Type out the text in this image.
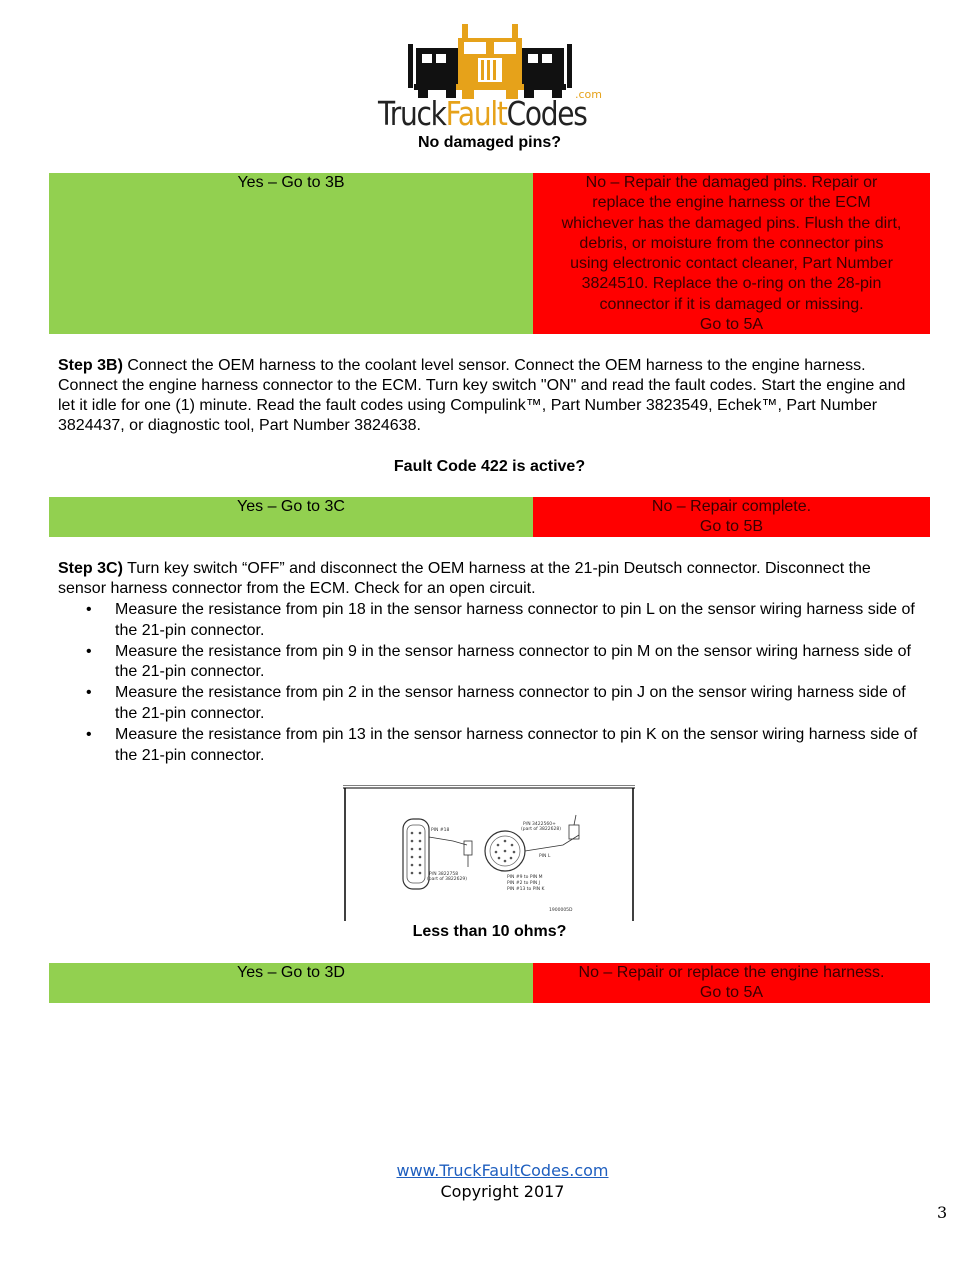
.com
TruckFaultCodes
No damaged pins?
Yes – Go to 3B	No – Repair the damaged pins. Repair or
replace the engine harness or the ECM
whichever has the damaged pins. Flush the dirt,
debris, or moisture from the connector pins
using electronic contact cleaner, Part Number
3824510. Replace the o-ring on the 28-pin
connector if it is damaged or missing.
Go to 5A
Step 3B) Connect the OEM harness to the coolant level sensor. Connect the OEM harness to the engine harness. Connect the engine harness connector to the ECM. Turn key switch "ON" and read the fault codes. Start the engine and let it idle for one (1) minute. Read the fault codes using Compulink™, Part Number 3823549, Echek™, Part Number 3824437, or diagnostic tool, Part Number 3824638.
Fault Code 422 is active?
Yes – Go to 3C	No – Repair complete.
Go to 5B
Step 3C) Turn key switch “OFF” and disconnect the OEM harness at the 21-pin Deutsch connector. Disconnect the sensor harness connector from the ECM. Check for an open circuit.
• Measure the resistance from pin 18 in the sensor harness connector to pin L on the sensor wiring harness side of the 21-pin connector.
• Measure the resistance from pin 9 in the sensor harness connector to pin M on the sensor wiring harness side of the 21-pin connector.
• Measure the resistance from pin 2 in the sensor harness connector to pin J on the sensor wiring harness side of the 21-pin connector.
• Measure the resistance from pin 13 in the sensor harness connector to pin K on the sensor wiring harness side of the 21-pin connector.
PIN #18
P/N 3822758
(part of 3822629)
P/N 3422560+
(part of 3822628)
PIN L
PIN #9 to PIN M
PIN #2 to PIN J
PIN #13 to PIN K
1900005D
Less than 10 ohms?
Yes – Go to 3D	No – Repair or replace the engine harness.
Go to 5A
www.TruckFaultCodes.com
Copyright 2017
3
